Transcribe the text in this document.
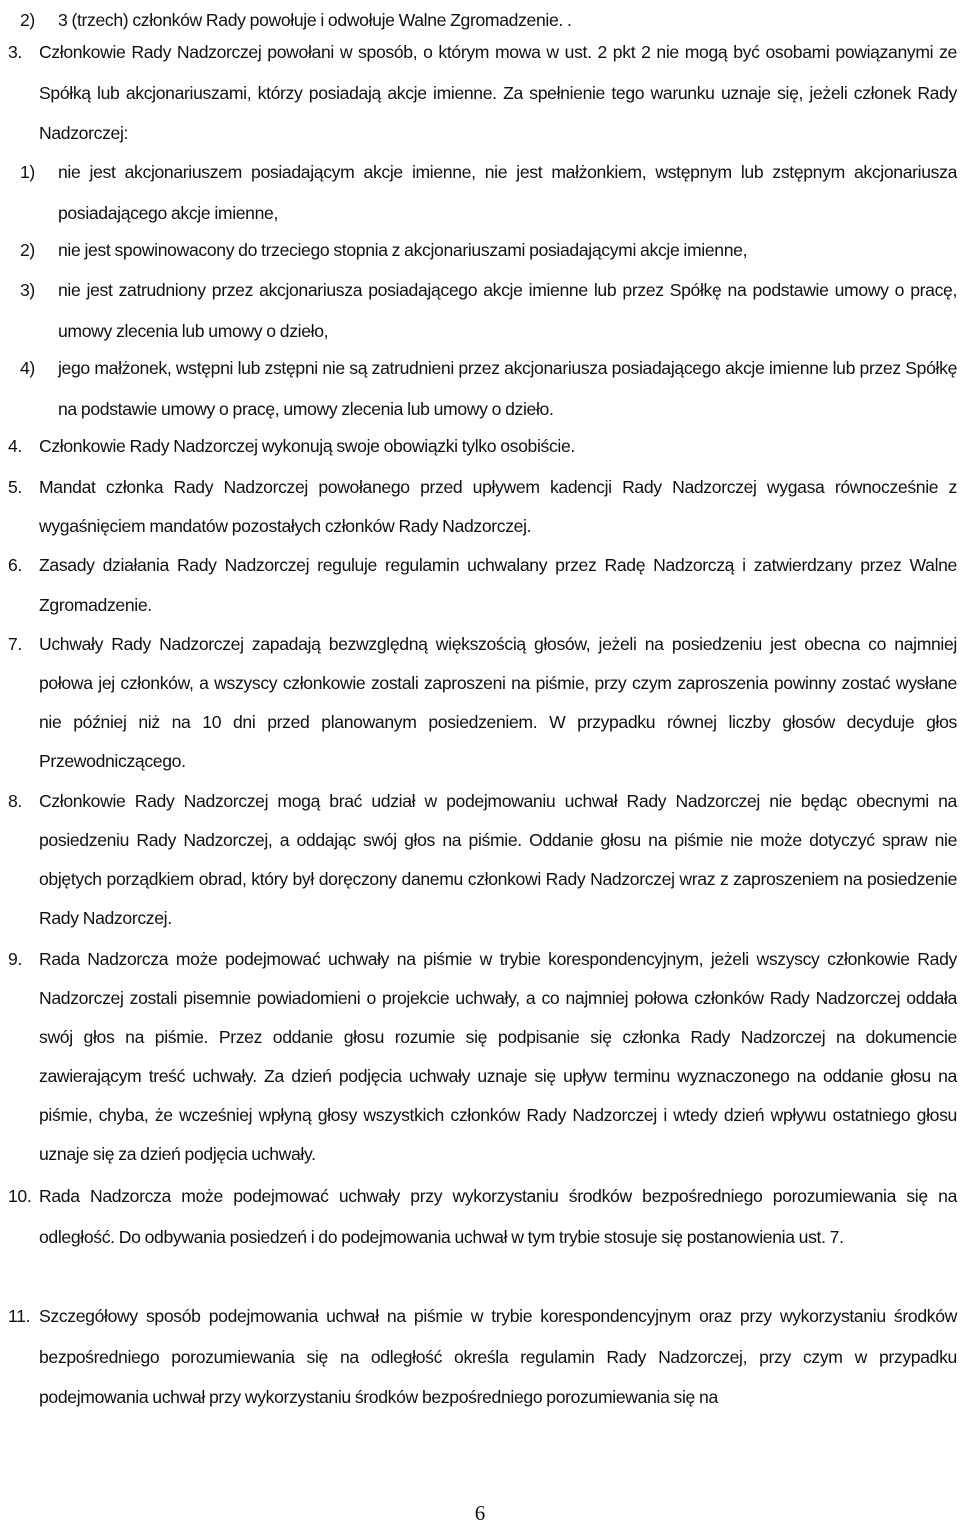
2) 3 (trzech) członków Rady powołuje i odwołuje Walne Zgromadzenie. .
3. Członkowie Rady Nadzorczej powołani w sposób, o którym mowa w ust. 2 pkt 2 nie mogą być osobami powiązanymi ze Spółką lub akcjonariuszami, którzy posiadają akcje imienne. Za spełnienie tego warunku uznaje się, jeżeli członek Rady Nadzorczej:
1) nie jest akcjonariuszem posiadającym akcje imienne, nie jest małżonkiem, wstępnym lub zstępnym akcjonariusza posiadającego akcje imienne,
2) nie jest spowinowacony do trzeciego stopnia z akcjonariuszami posiadającymi akcje imienne,
3) nie jest zatrudniony przez akcjonariusza posiadającego akcje imienne lub przez Spółkę na podstawie umowy o pracę, umowy zlecenia lub umowy o dzieło,
4) jego małżonek, wstępni lub zstępni nie są zatrudnieni przez akcjonariusza posiadającego akcje imienne lub przez Spółkę na podstawie umowy o pracę, umowy zlecenia lub umowy o dzieło.
4. Członkowie Rady Nadzorczej wykonują swoje obowiązki tylko osobiście.
5. Mandat członka Rady Nadzorczej powołanego przed upływem kadencji Rady Nadzorczej wygasa równocześnie z wygaśnięciem mandatów pozostałych członków Rady Nadzorczej.
6. Zasady działania Rady Nadzorczej reguluje regulamin uchwalany przez Radę Nadzorczą i zatwierdzany przez Walne Zgromadzenie.
7. Uchwały Rady Nadzorczej zapadają bezwzględną większością głosów, jeżeli na posiedzeniu jest obecna co najmniej połowa jej członków, a wszyscy członkowie zostali zaproszeni na piśmie, przy czym zaproszenia powinny zostać wysłane nie później niż na 10 dni przed planowanym posiedzeniem. W przypadku równej liczby głosów decyduje głos Przewodniczącego.
8. Członkowie Rady Nadzorczej mogą brać udział w podejmowaniu uchwał Rady Nadzorczej nie będąc obecnymi na posiedzeniu Rady Nadzorczej, a oddając swój głos na piśmie. Oddanie głosu na piśmie nie może dotyczyć spraw nie objętych porządkiem obrad, który był doręczony danemu członkowi Rady Nadzorczej wraz z zaproszeniem na posiedzenie Rady Nadzorczej.
9. Rada Nadzorcza może podejmować uchwały na piśmie w trybie korespondencyjnym, jeżeli wszyscy członkowie Rady Nadzorczej zostali pisemnie powiadomieni o projekcie uchwały, a co najmniej połowa członków Rady Nadzorczej oddała swój głos na piśmie. Przez oddanie głosu rozumie się podpisanie się członka Rady Nadzorczej na dokumencie zawierającym treść uchwały. Za dzień podjęcia uchwały uznaje się upływ terminu wyznaczonego na oddanie głosu na piśmie, chyba, że wcześniej wpłyną głosy wszystkich członków Rady Nadzorczej i wtedy dzień wpływu ostatniego głosu uznaje się za dzień podjęcia uchwały.
10. Rada Nadzorcza może podejmować uchwały przy wykorzystaniu środków bezpośredniego porozumiewania się na odległość. Do odbywania posiedzeń i do podejmowania uchwał w tym trybie stosuje się postanowienia ust. 7.
11. Szczegółowy sposób podejmowania uchwał na piśmie w trybie korespondencyjnym oraz przy wykorzystaniu środków bezpośredniego porozumiewania się na odległość określa regulamin Rady Nadzorczej, przy czym w przypadku podejmowania uchwał przy wykorzystaniu środków bezpośredniego porozumiewania się na
6
